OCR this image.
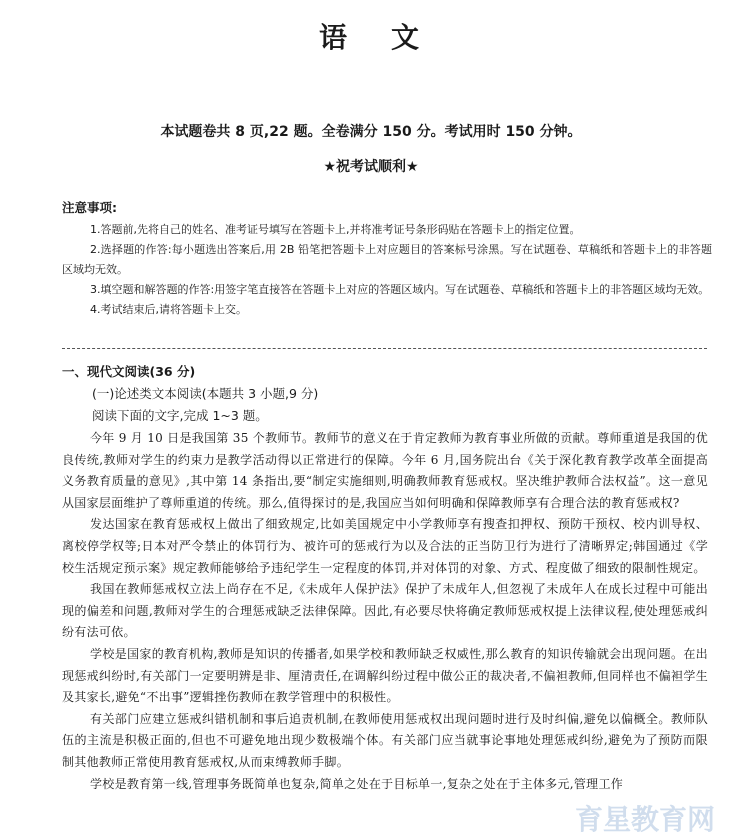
语 文
本试题卷共 8 页,22 题。全卷满分 150 分。考试用时 150 分钟。
★祝考试顺利★
注意事项:

1.答题前,先将自己的姓名、准考证号填写在答题卡上,并将准考证号条形码贴在答题卡上的指定位置。

2.选择题的作答:每小题选出答案后,用 2B 铅笔把答题卡上对应题目的答案标号涂黑。写在试题卷、草稿纸和答题卡上的非答题区域均无效。

3.填空题和解答题的作答:用签字笔直接答在答题卡上对应的答题区域内。写在试题卷、草稿纸和答题卡上的非答题区域均无效。

4.考试结束后,请将答题卡上交。

一、现代文阅读(36 分)
(一)论述类文本阅读(本题共 3 小题,9 分)
阅读下面的文字,完成 1~3 题。

今年 9 月 10 日是我国第 35 个教师节。教师节的意义在于肯定教师为教育事业所做的贡献。尊师重道是我国的优良传统,教师对学生的约束力是教学活动得以正常进行的保障。今年 6 月,国务院出台《关于深化教育教学改革全面提高义务教育质量的意见》,其中第 14 条指出,要“制定实施细则,明确教师教育惩戒权。坚决维护教师合法权益”。这一意见从国家层面维护了尊师重道的传统。那么,值得探讨的是,我国应当如何明确和保障教师享有合理合法的教育惩戒权?

发达国家在教育惩戒权上做出了细致规定,比如美国规定中小学教师享有搜查扣押权、预防干预权、校内训导权、离校停学权等;日本对严令禁止的体罚行为、被许可的惩戒行为以及合法的正当防卫行为进行了清晰界定;韩国通过《学校生活规定预示案》规定教师能够给予违纪学生一定程度的体罚,并对体罚的对象、方式、程度做了细致的限制性规定。

我国在教师惩戒权立法上尚存在不足,《未成年人保护法》保护了未成年人,但忽视了未成年人在成长过程中可能出现的偏差和问题,教师对学生的合理惩戒缺乏法律保障。因此,有必要尽快将确定教师惩戒权提上法律议程,使处理惩戒纠纷有法可依。

学校是国家的教育机构,教师是知识的传播者,如果学校和教师缺乏权威性,那么教育的知识传输就会出现问题。在出现惩戒纠纷时,有关部门一定要明辨是非、厘清责任,在调解纠纷过程中做公正的裁决者,不偏袒教师,但同样也不偏袒学生及其家长,避免“不出事”逻辑挫伤教师在教学管理中的积极性。

有关部门应建立惩戒纠错机制和事后追责机制,在教师使用惩戒权出现问题时进行及时纠偏,避免以偏概全。教师队伍的主流是积极正面的,但也不可避免地出现少数极端个体。有关部门应当就事论事地处理惩戒纠纷,避免为了预防而限制其他教师正常使用教育惩戒权,从而束缚教师手脚。

学校是教育第一线,管理事务既简单也复杂,简单之处在于目标单一,复杂之处在于主体多元,管理工作

育星教育网
